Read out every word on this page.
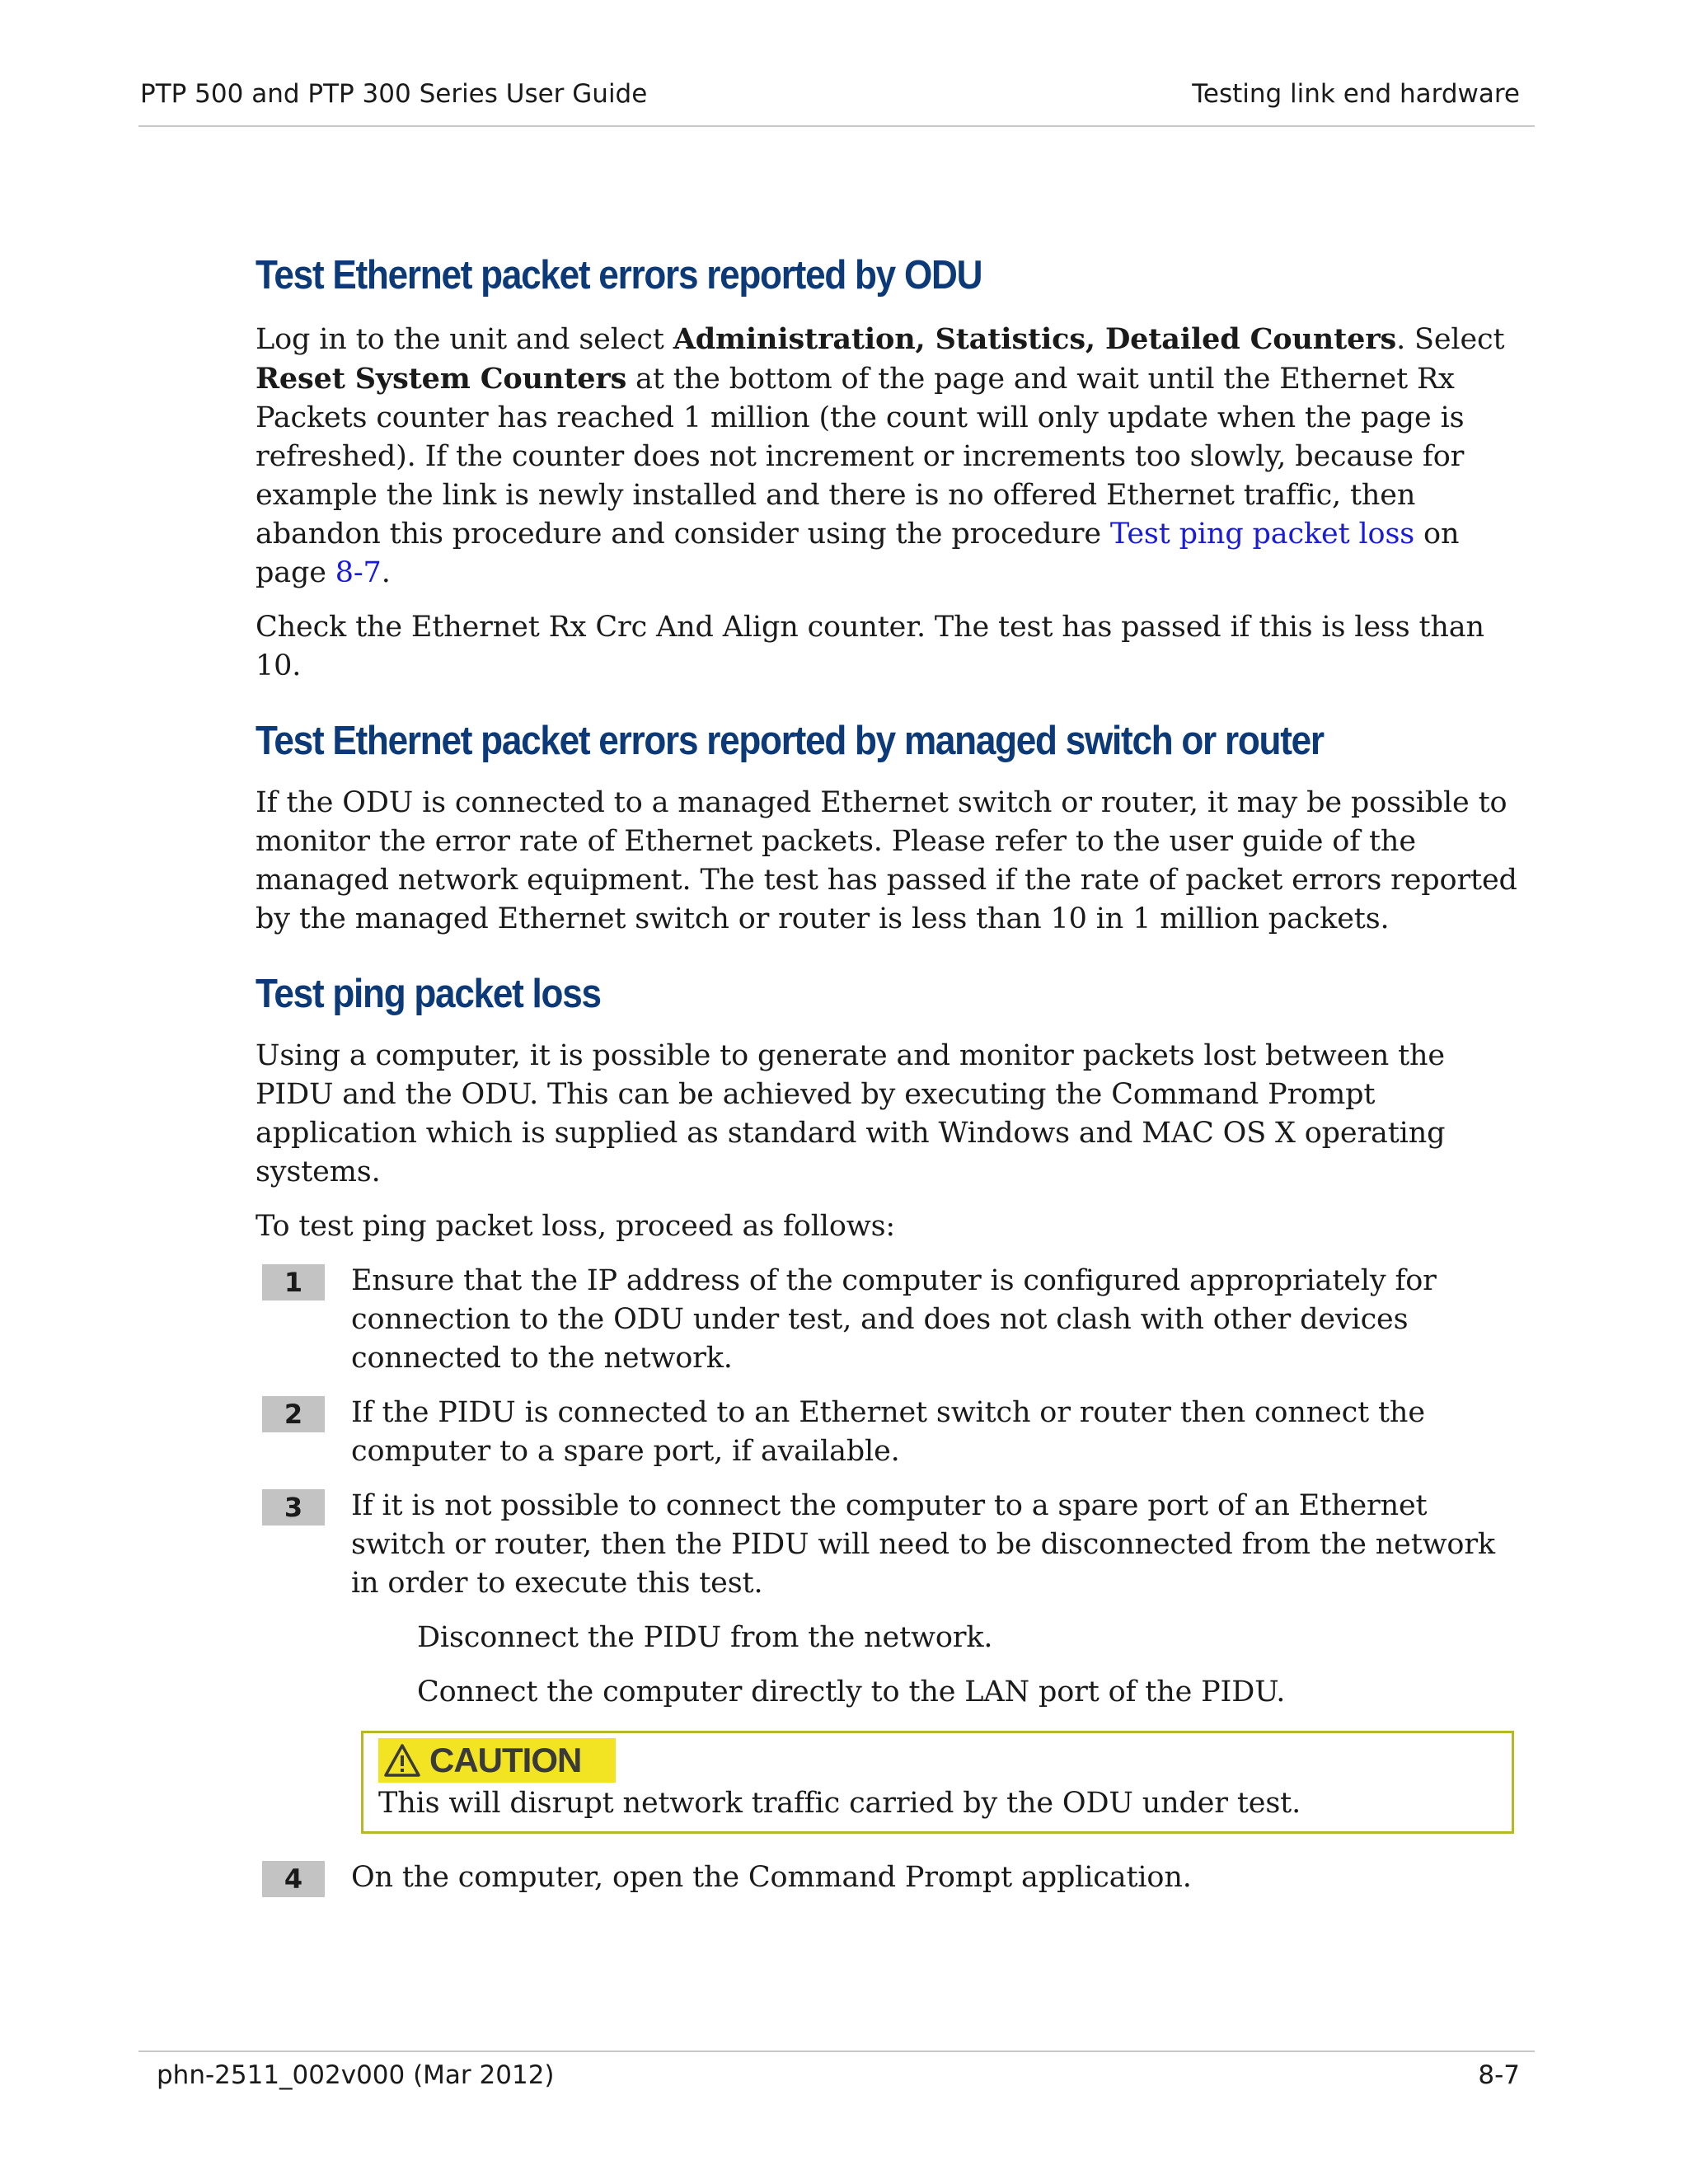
PTP 500 and PTP 300 Series User Guide	Testing link end hardware
Test Ethernet packet errors reported by ODU

Log in to the unit and select Administration, Statistics, Detailed Counters. Select Reset System Counters at the bottom of the page and wait until the Ethernet Rx Packets counter has reached 1 million (the count will only update when the page is refreshed). If the counter does not increment or increments too slowly, because for example the link is newly installed and there is no offered Ethernet traffic, then abandon this procedure and consider using the procedure Test ping packet loss on page 8-7.

Check the Ethernet Rx Crc And Align counter. The test has passed if this is less than 10.

Test Ethernet packet errors reported by managed switch or router

If the ODU is connected to a managed Ethernet switch or router, it may be possible to monitor the error rate of Ethernet packets. Please refer to the user guide of the managed network equipment. The test has passed if the rate of packet errors reported by the managed Ethernet switch or router is less than 10 in 1 million packets.

Test ping packet loss

Using a computer, it is possible to generate and monitor packets lost between the PIDU and the ODU. This can be achieved by executing the Command Prompt application which is supplied as standard with Windows and MAC OS X operating systems.

To test ping packet loss, proceed as follows:

1	Ensure that the IP address of the computer is configured appropriately for connection to the ODU under test, and does not clash with other devices connected to the network.

2	If the PIDU is connected to an Ethernet switch or router then connect the computer to a spare port, if available.

3	If it is not possible to connect the computer to a spare port of an Ethernet switch or router, then the PIDU will need to be disconnected from the network in order to execute this test.

Disconnect the PIDU from the network.

Connect the computer directly to the LAN port of the PIDU.

CAUTION

This will disrupt network traffic carried by the ODU under test.

4	On the computer, open the Command Prompt application.

phn-2511_002v000 (Mar 2012)	8-7
